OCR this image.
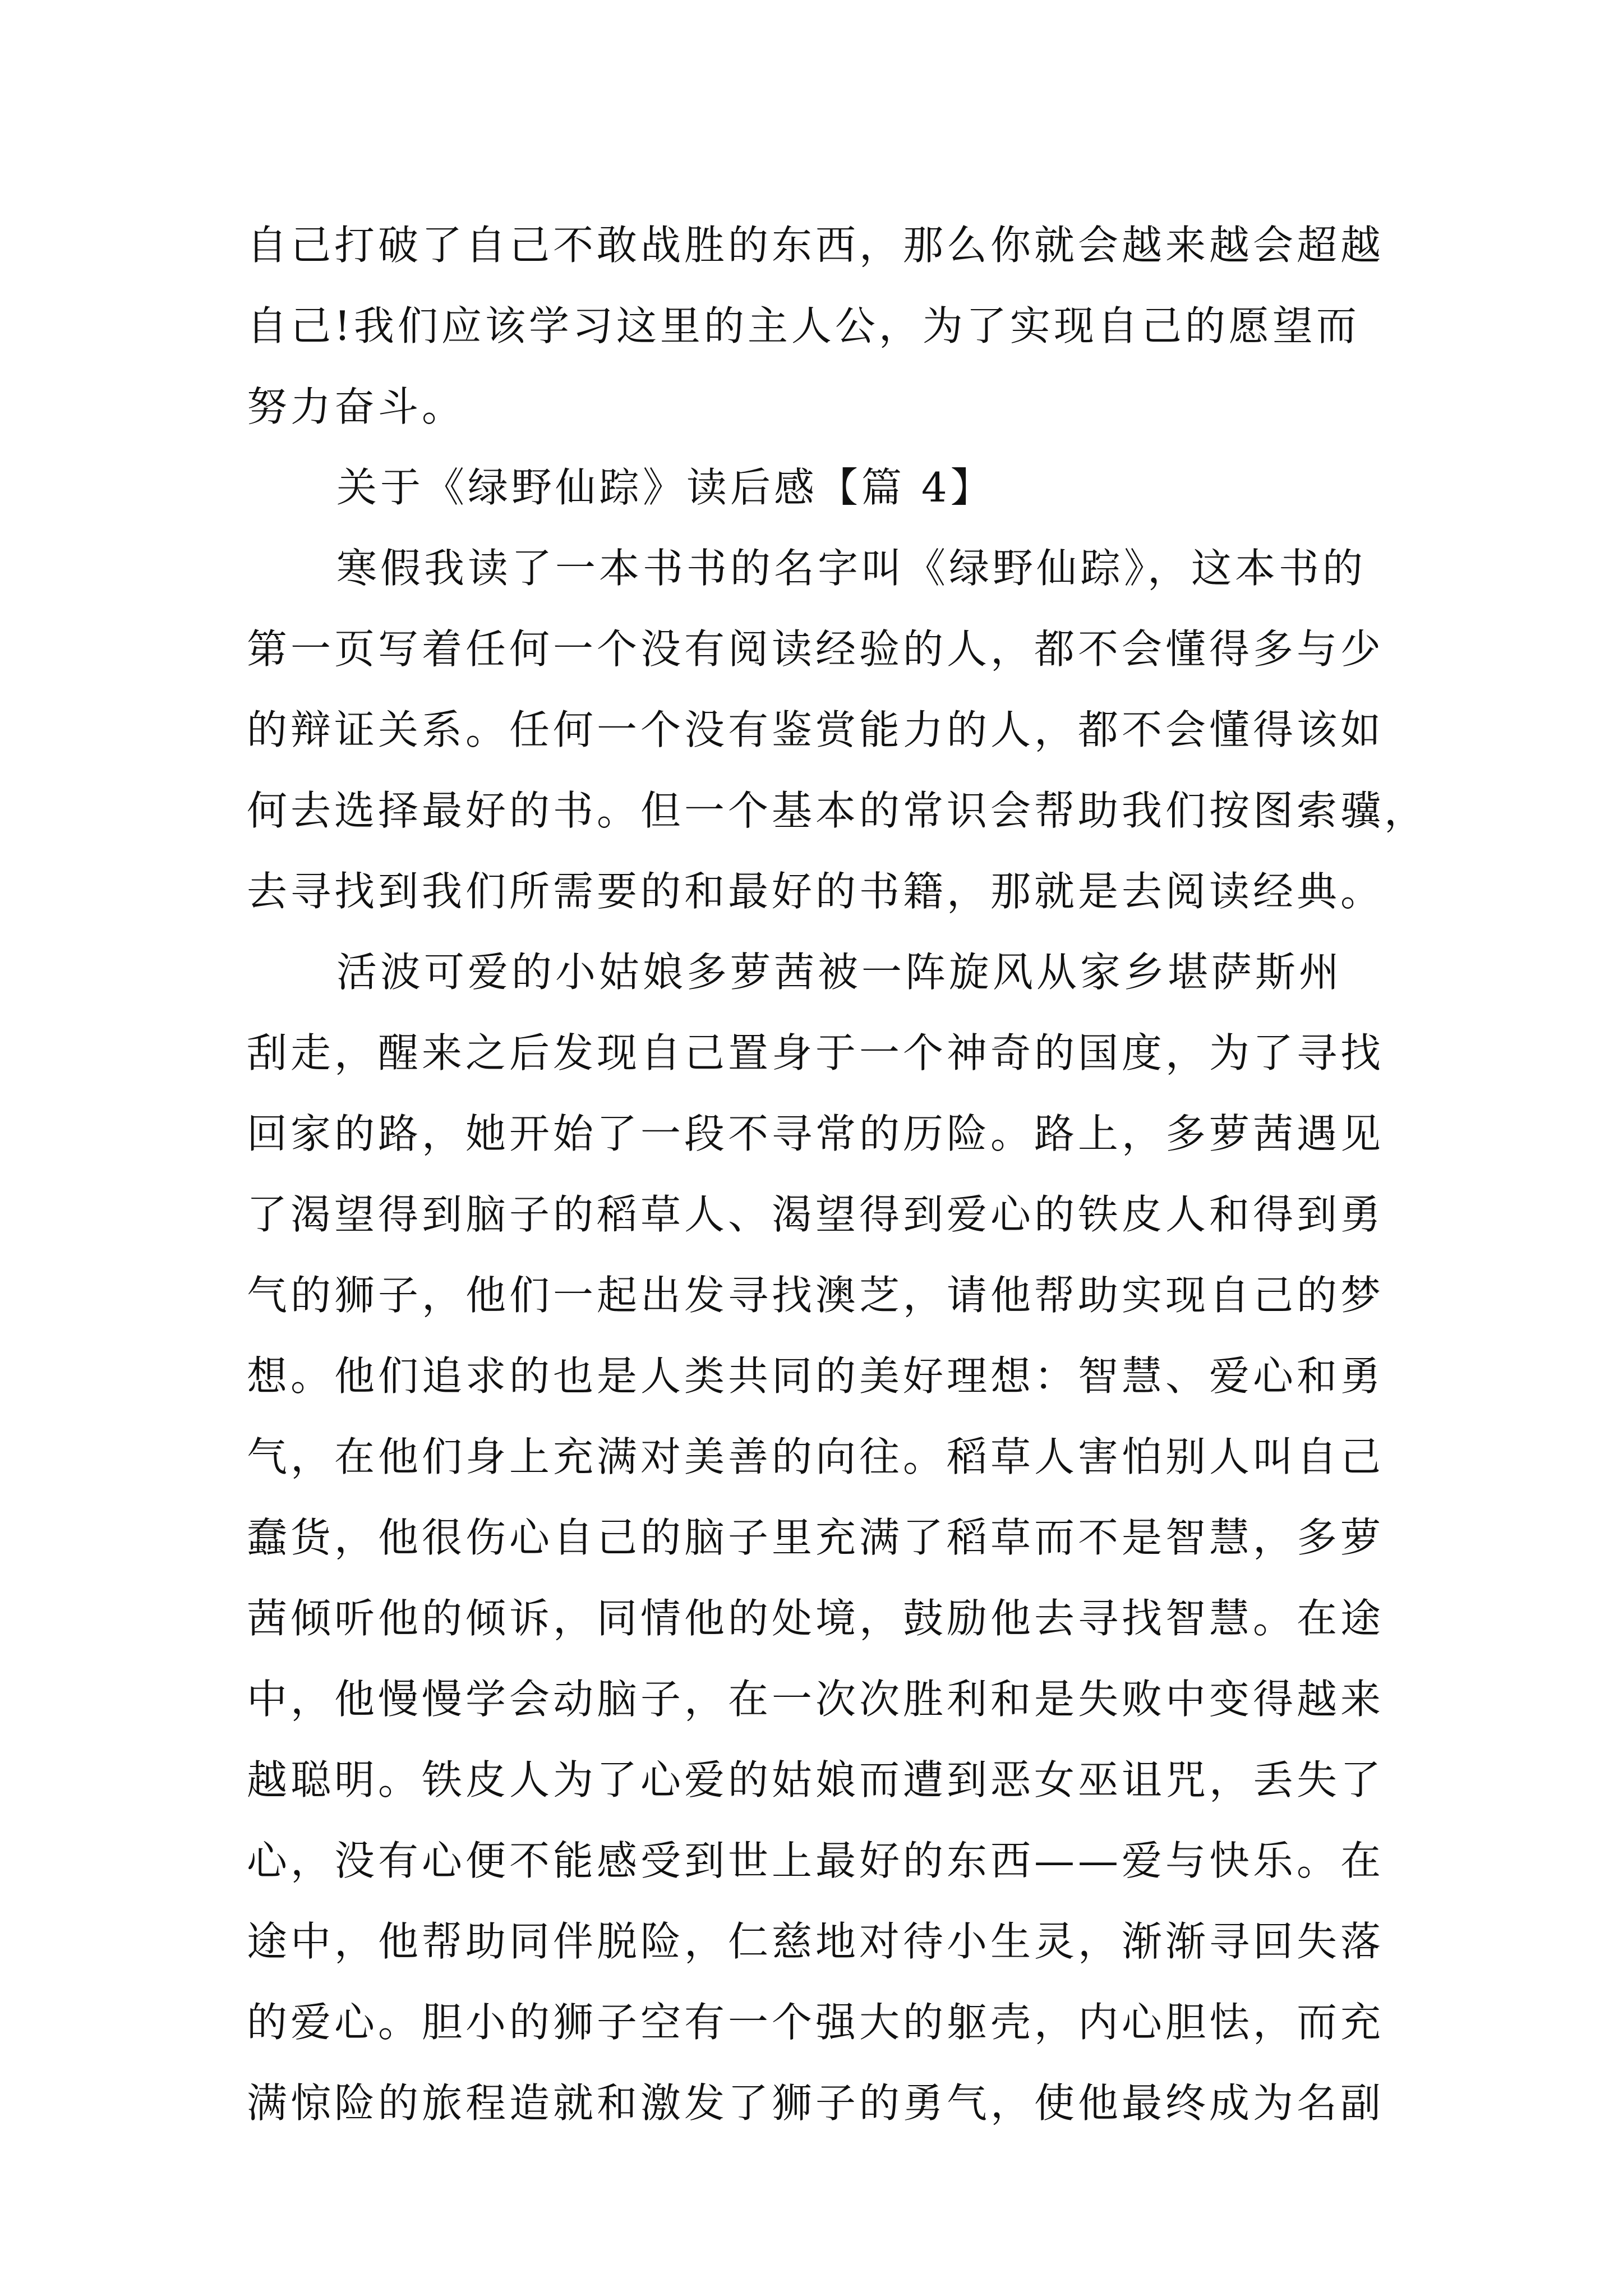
自己打破了自己不敢战胜的东西，那么你就会越来越会超越
自己!我们应该学习这里的主人公，为了实现自己的愿望而
努力奋斗。
关于《绿野仙踪》读后感【篇 4】
寒假我读了一本书书的名字叫《绿野仙踪》，这本书的
第一页写着任何一个没有阅读经验的人，都不会懂得多与少
的辩证关系。任何一个没有鉴赏能力的人，都不会懂得该如
何去选择最好的书。但一个基本的常识会帮助我们按图索骥，
去寻找到我们所需要的和最好的书籍，那就是去阅读经典。
活波可爱的小姑娘多萝茜被一阵旋风从家乡堪萨斯州
刮走，醒来之后发现自己置身于一个神奇的国度，为了寻找
回家的路，她开始了一段不寻常的历险。路上，多萝茜遇见
了渴望得到脑子的稻草人、渴望得到爱心的铁皮人和得到勇
气的狮子，他们一起出发寻找澳芝，请他帮助实现自己的梦
想。他们追求的也是人类共同的美好理想：智慧、爱心和勇
气，在他们身上充满对美善的向往。稻草人害怕别人叫自己
蠢货，他很伤心自己的脑子里充满了稻草而不是智慧，多萝
茜倾听他的倾诉，同情他的处境，鼓励他去寻找智慧。在途
中，他慢慢学会动脑子，在一次次胜利和是失败中变得越来
越聪明。铁皮人为了心爱的姑娘而遭到恶女巫诅咒，丢失了
心，没有心便不能感受到世上最好的东西——爱与快乐。在
途中，他帮助同伴脱险，仁慈地对待小生灵，渐渐寻回失落
的爱心。胆小的狮子空有一个强大的躯壳，内心胆怯，而充
满惊险的旅程造就和激发了狮子的勇气，使他最终成为名副
